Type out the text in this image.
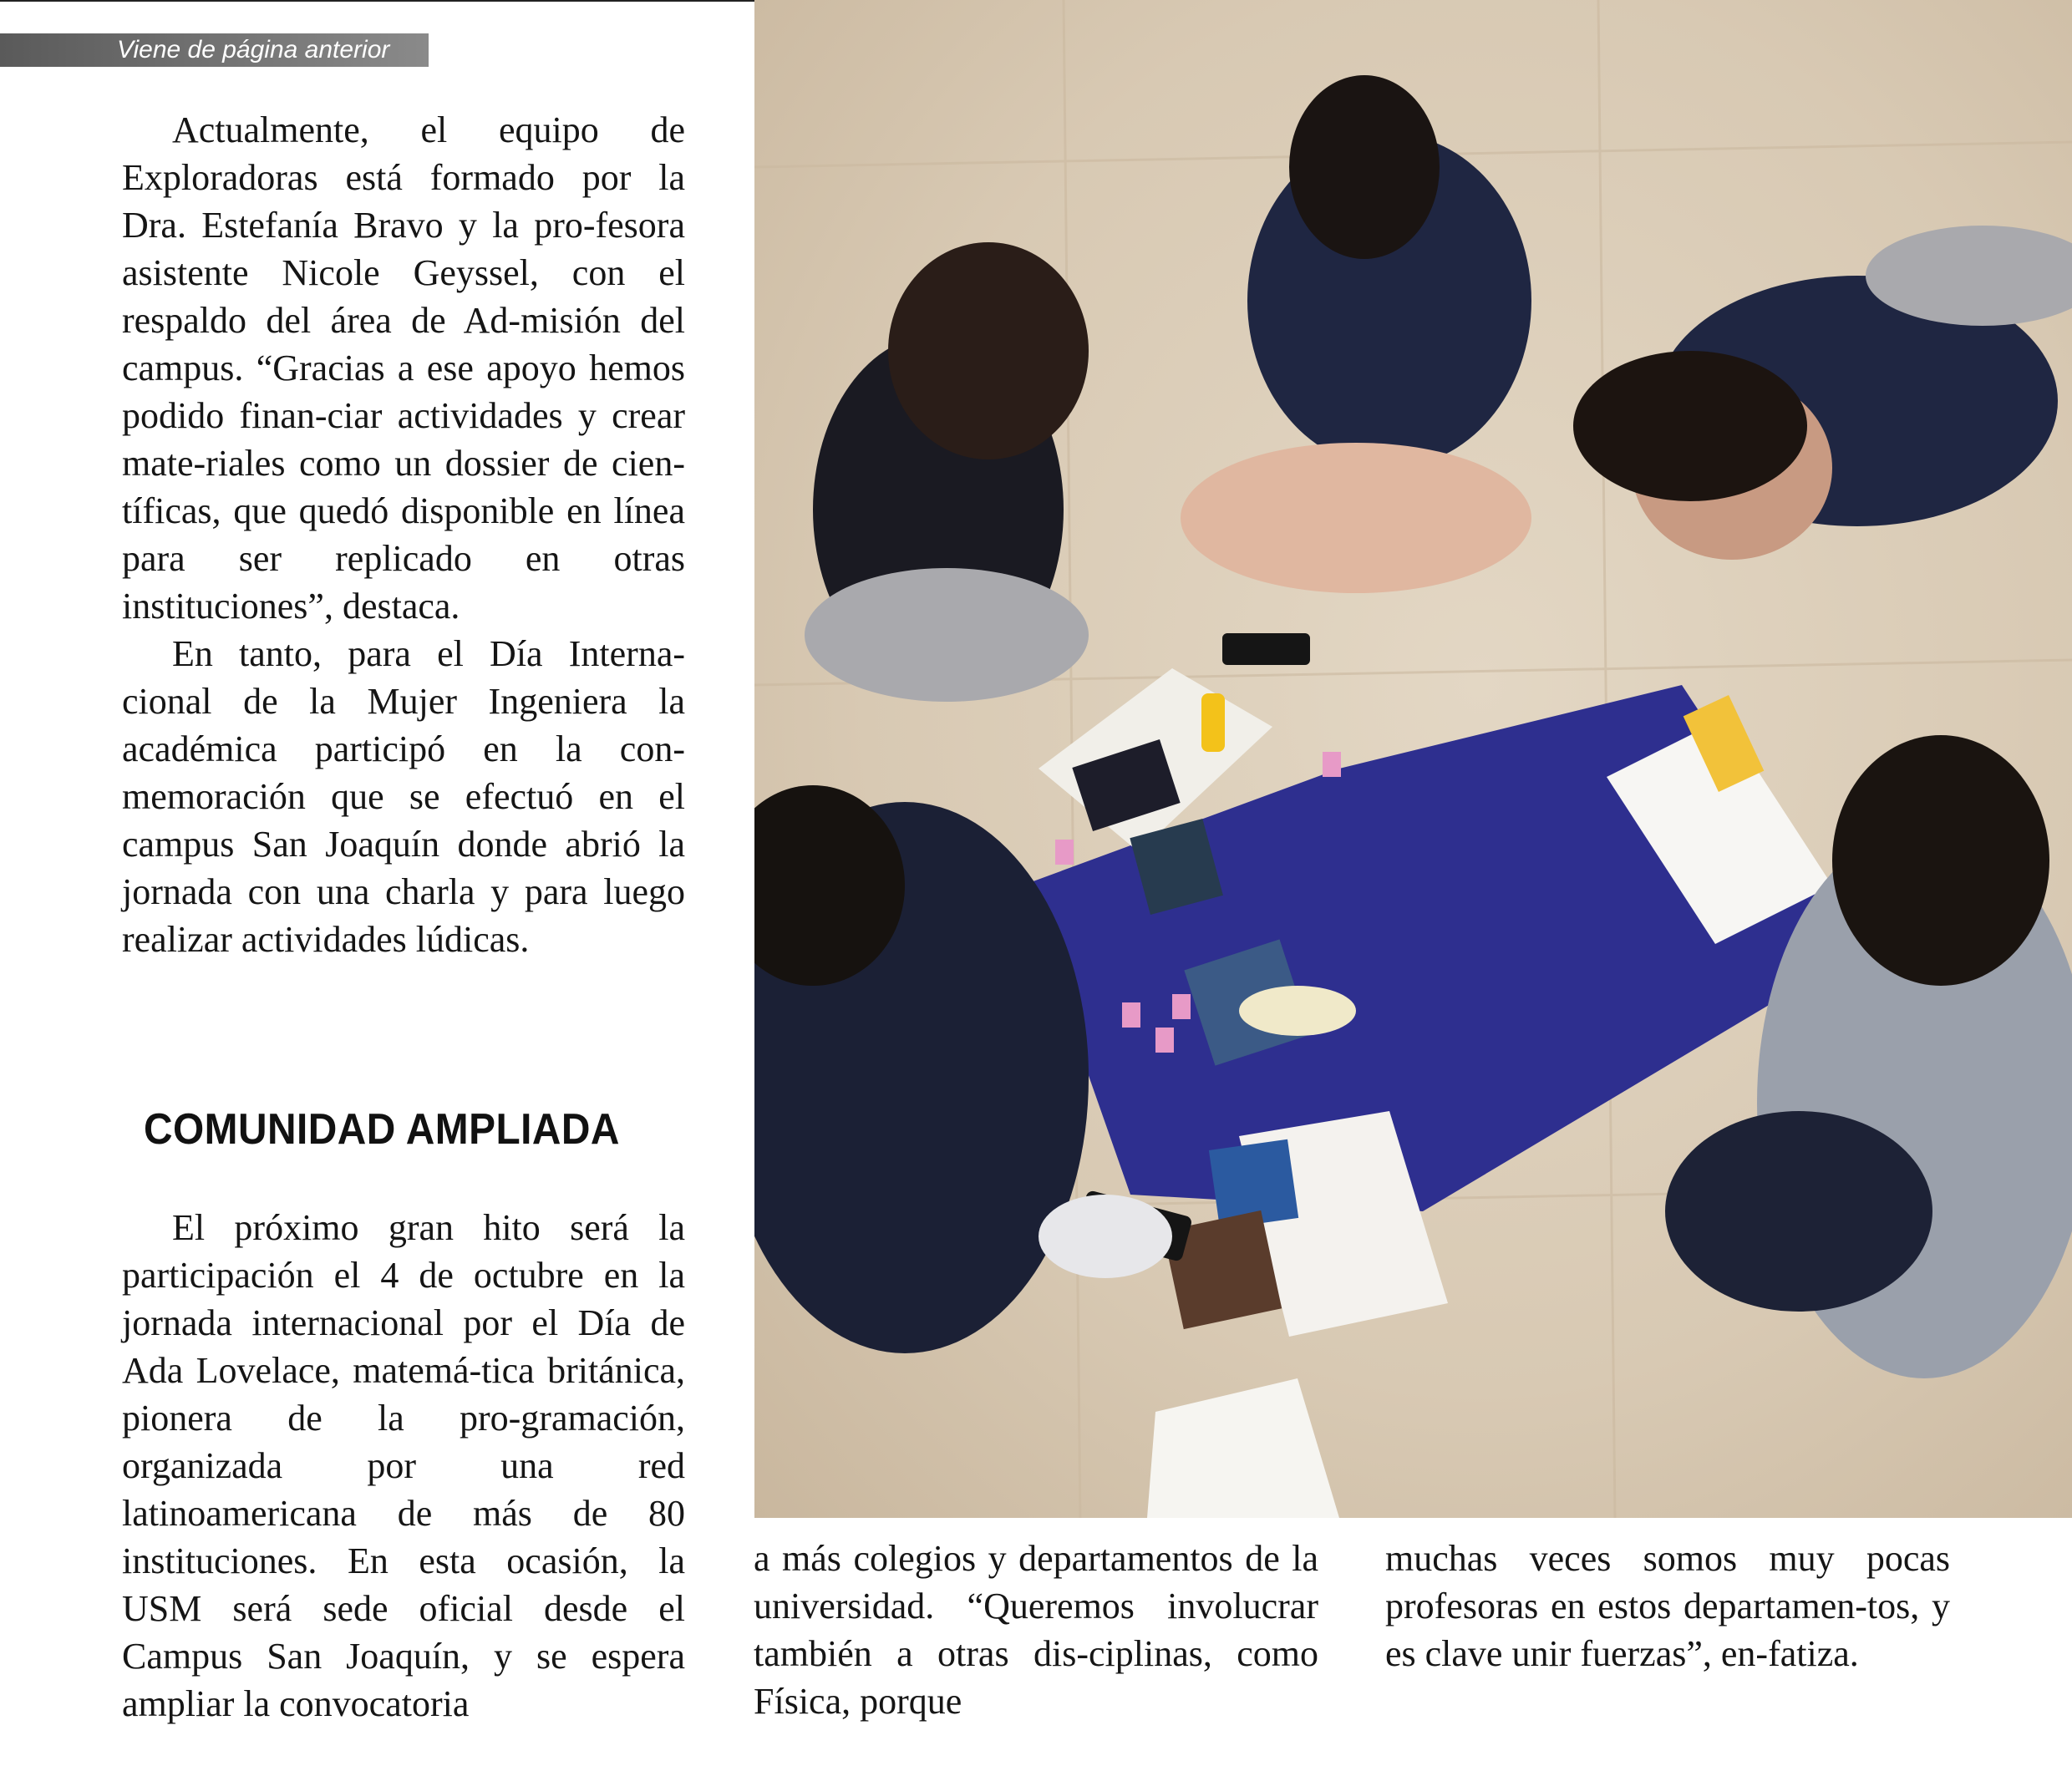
Viene de página anterior

Actualmente, el equipo de Exploradoras está formado por la Dra. Estefanía Bravo y la pro-fesora asistente Nicole Geyssel, con el respaldo del área de Ad-misión del campus. “Gracias a ese apoyo hemos podido finan-ciar actividades y crear mate-riales como un dossier de cien-tíficas, que quedó disponible en línea para ser replicado en otras instituciones”, destaca.

En tanto, para el Día Interna-cional de la Mujer Ingeniera la académica participó en la con-memoración que se efectuó en el campus San Joaquín donde abrió la jornada con una charla y para luego realizar actividades lúdicas.

COMUNIDAD AMPLIADA

El próximo gran hito será la participación el 4 de octubre en la jornada internacional por el Día de Ada Lovelace, matemá-tica británica, pionera de la pro-gramación, organizada por una red latinoamericana de más de 80 instituciones. En esta ocasión, la USM será sede oficial desde el Campus San Joaquín, y se espera ampliar la convocatoria

a más colegios y departamentos de la universidad. “Queremos involucrar también a otras dis-ciplinas, como Física, porque

muchas veces somos muy pocas profesoras en estos departamen-tos, y es clave unir fuerzas”, en-fatiza.
